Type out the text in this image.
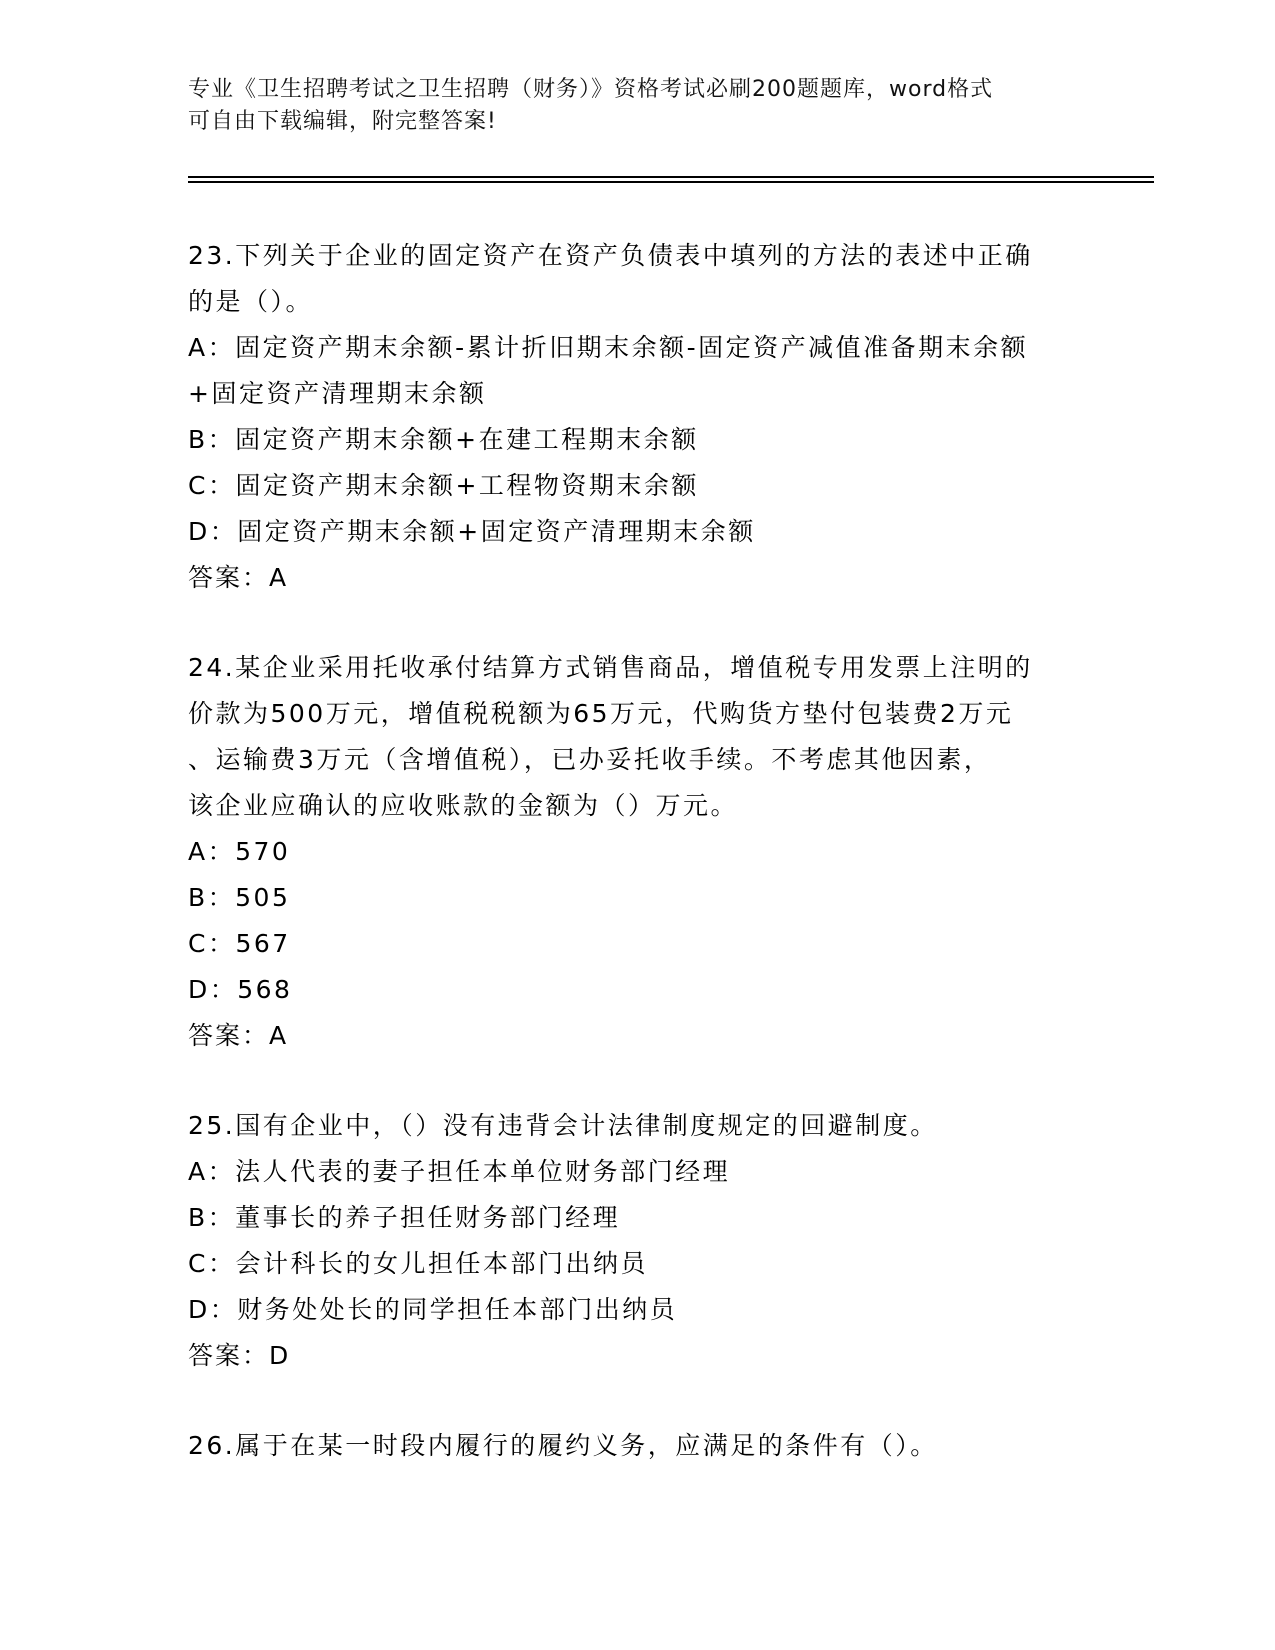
专业《卫生招聘考试之卫生招聘（财务）》资格考试必刷200题题库，word格式
可自由下载编辑，附完整答案!

23.下列关于企业的固定资产在资产负债表中填列的方法的表述中正确

的是（）。

A：固定资产期末余额-累计折旧期末余额-固定资产减值准备期末余额

+固定资产清理期末余额

B：固定资产期末余额+在建工程期末余额

C：固定资产期末余额+工程物资期末余额

D：固定资产期末余额+固定资产清理期末余额

答案：A

24.某企业采用托收承付结算方式销售商品，增值税专用发票上注明的

价款为500万元，增值税税额为65万元，代购货方垫付包装费2万元

、运输费3万元（含增值税），已办妥托收手续。不考虑其他因素，

该企业应确认的应收账款的金额为（）万元。

A：570

B：505

C：567

D：568

答案：A

25.国有企业中，（）没有违背会计法律制度规定的回避制度。

A：法人代表的妻子担任本单位财务部门经理

B：董事长的养子担任财务部门经理

C：会计科长的女儿担任本部门出纳员

D：财务处处长的同学担任本部门出纳员

答案：D

26.属于在某一时段内履行的履约义务，应满足的条件有（）。
